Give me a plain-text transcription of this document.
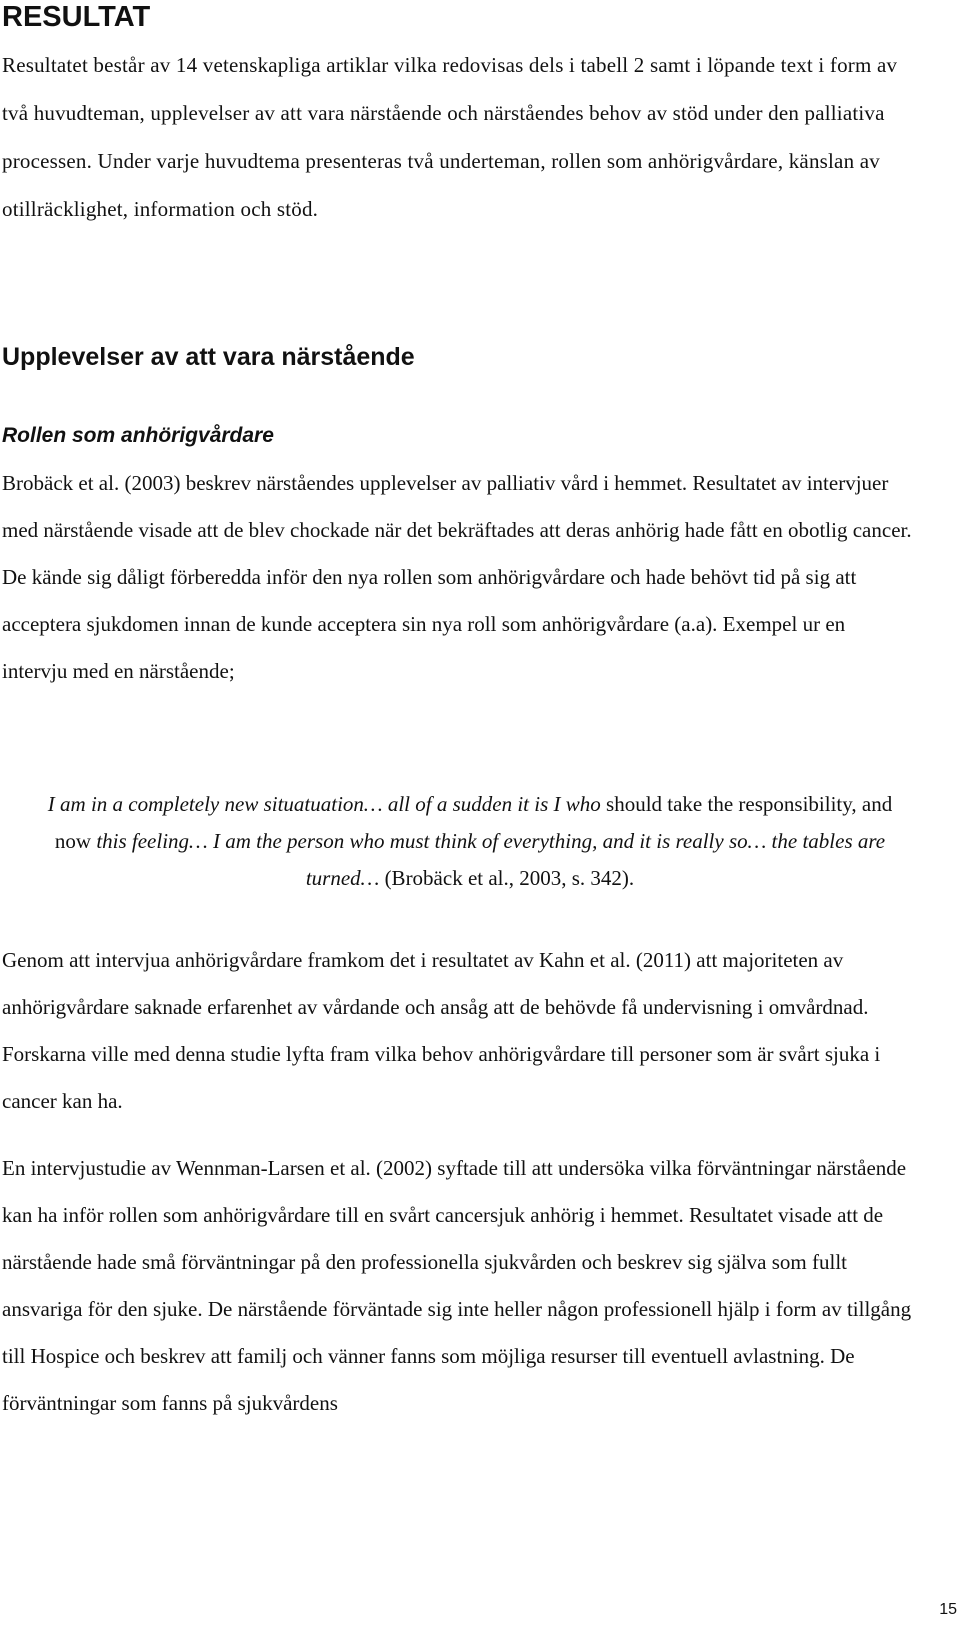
RESULTAT

Resultatet består av 14 vetenskapliga artiklar vilka redovisas dels i tabell 2 samt i löpande text i form av två huvudteman, upplevelser av att vara närstående och närståendes behov av stöd under den palliativa processen. Under varje huvudtema presenteras två underteman, rollen som anhörigvårdare, känslan av otillräcklighet, information och stöd.

Upplevelser av att vara närstående
Rollen som anhörigvårdare

Brobäck et al. (2003) beskrev närståendes upplevelser av palliativ vård i hemmet. Resultatet av intervjuer med närstående visade att de blev chockade när det bekräftades att deras anhörig hade fått en obotlig cancer. De kände sig dåligt förberedda inför den nya rollen som anhörigvårdare och hade behövt tid på sig att acceptera sjukdomen innan de kunde acceptera sin nya roll som anhörigvårdare (a.a). Exempel ur en intervju med en närstående;

I am in a completely new situatuation… all of a sudden it is I who should take the responsibility, and now this feeling… I am the person who must think of everything, and it is really so… the tables are turned… (Brobäck et al., 2003, s. 342).

Genom att intervjua anhörigvårdare framkom det i resultatet av Kahn et al. (2011) att majoriteten av anhörigvårdare saknade erfarenhet av vårdande och ansåg att de behövde få undervisning i omvårdnad. Forskarna ville med denna studie lyfta fram vilka behov anhörigvårdare till personer som är svårt sjuka i cancer kan ha.

En intervjustudie av Wennman-Larsen et al. (2002) syftade till att undersöka vilka förväntningar närstående kan ha inför rollen som anhörigvårdare till en svårt cancersjuk anhörig i hemmet. Resultatet visade att de närstående hade små förväntningar på den professionella sjukvården och beskrev sig själva som fullt ansvariga för den sjuke. De närstående förväntade sig inte heller någon professionell hjälp i form av tillgång till Hospice och beskrev att familj och vänner fanns som möjliga resurser till eventuell avlastning. De förväntningar som fanns på sjukvårdens

15
